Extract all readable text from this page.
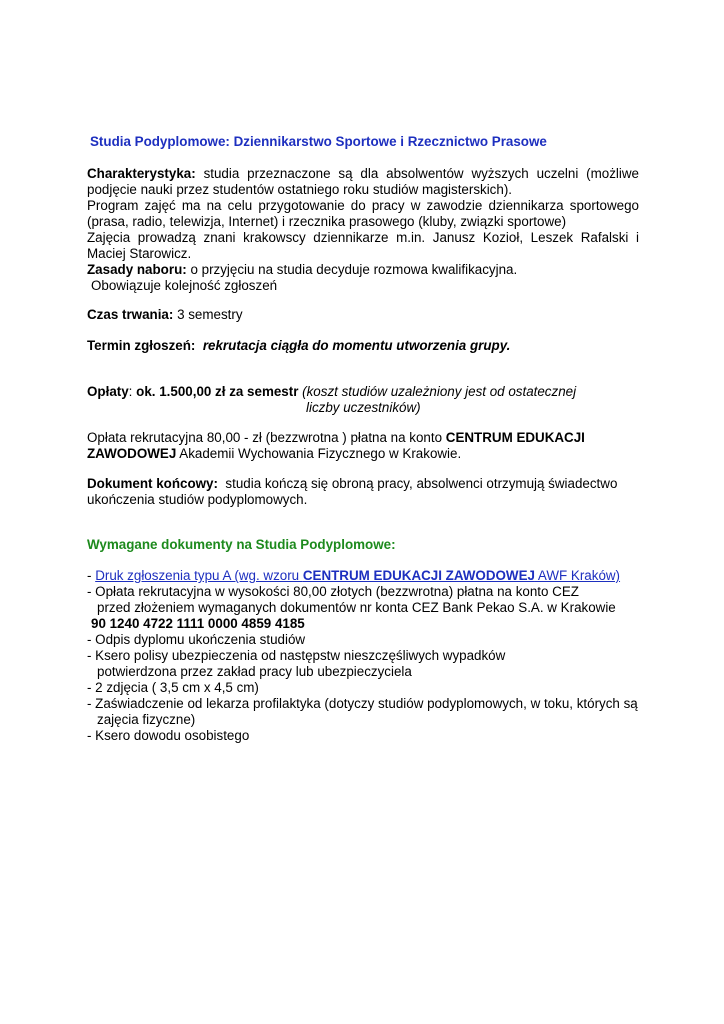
Studia Podyplomowe: Dziennikarstwo Sportowe i Rzecznictwo Prasowe

Charakterystyka: studia przeznaczone są dla absolwentów wyższych uczelni (możliwe podjęcie nauki przez studentów ostatniego roku studiów magisterskich).
Program zajęć ma na celu przygotowanie do pracy w zawodzie dziennikarza sportowego (prasa, radio, telewizja, Internet) i rzecznika prasowego (kluby, związki sportowe)
Zajęcia prowadzą znani krakowscy dziennikarze m.in. Janusz Kozioł, Leszek Rafalski i Maciej Starowicz.

Zasady naboru: o przyjęciu na studia decyduje rozmowa kwalifikacyjna.
Obowiązuje kolejność zgłoszeń

Czas trwania: 3 semestry

Termin zgłoszeń: rekrutacja ciągła do momentu utworzenia grupy.

Opłaty: ok. 1.500,00 zł za semestr (koszt studiów uzależniony jest od ostatecznej
liczby uczestników)

Opłata rekrutacyjna 80,00 - zł (bezzwrotna ) płatna na konto CENTRUM EDUKACJI
ZAWODOWEJ Akademii Wychowania Fizycznego w Krakowie.

Dokument końcowy: studia kończą się obroną pracy, absolwenci otrzymują świadectwo
ukończenia studiów podyplomowych.

Wymagane dokumenty na Studia Podyplomowe:

- Druk zgłoszenia typu A (wg. wzoru CENTRUM EDUKACJI ZAWODOWEJ AWF Kraków)
- Opłata rekrutacyjna w wysokości 80,00 złotych (bezzwrotna) płatna na konto CEZ
przed złożeniem wymaganych dokumentów nr konta CEZ Bank Pekao S.A. w Krakowie
90 1240 4722 1111 0000 4859 4185
- Odpis dyplomu ukończenia studiów
- Ksero polisy ubezpieczenia od następstw nieszczęśliwych wypadków
potwierdzona przez zakład pracy lub ubezpieczyciela
- 2 zdjęcia ( 3,5 cm x 4,5 cm)
- Zaświadczenie od lekarza profilaktyka (dotyczy studiów podyplomowych, w toku, których są
zajęcia fizyczne)
- Ksero dowodu osobistego
